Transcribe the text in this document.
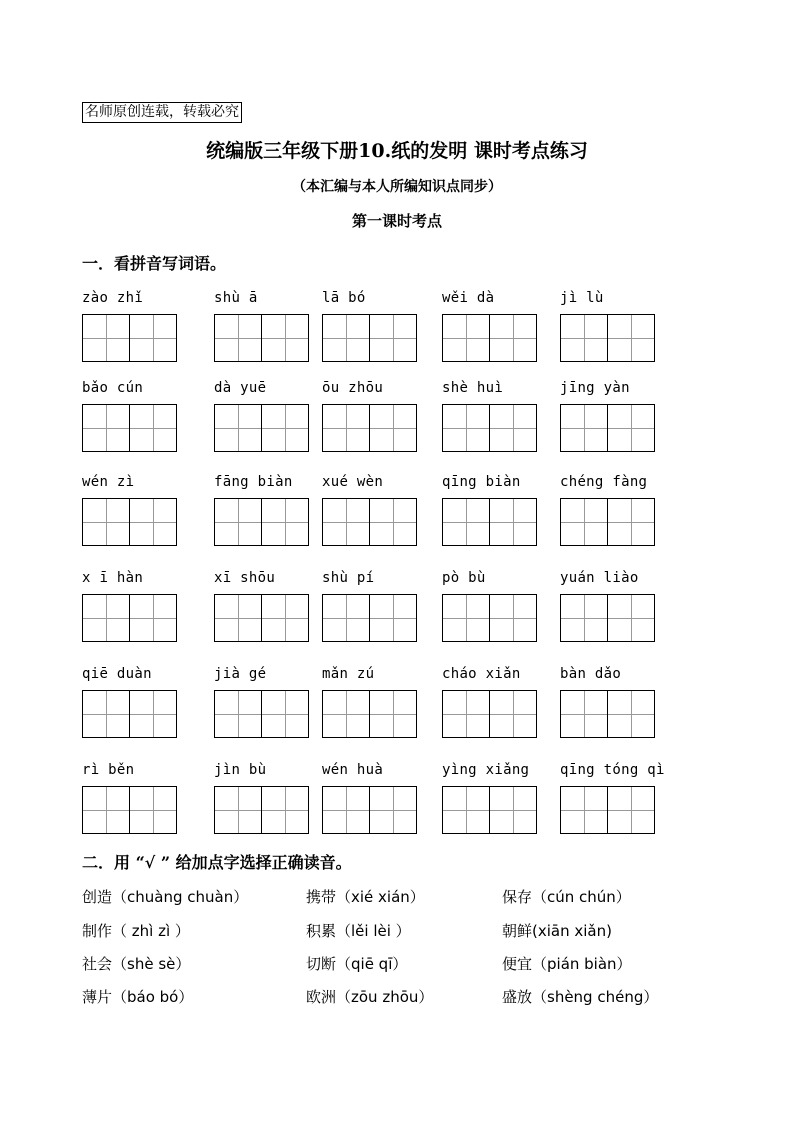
名师原创连载，转载必究
统编版三年级下册10.纸的发明 课时考点练习
（本汇编与本人所编知识点同步）
第一课时考点
一．看拼音写词语。
zào zhǐ	shù ā	lā bó	wěi dà	jì lù
bǎo cún	dà yuē	ōu zhōu	shè huì	jīng yàn
wén zì	fāng biàn	xué wèn	qīng biàn	chéng fàng
x ī hàn	xī shōu	shù pí	pò bù	yuán liào
qiē duàn	jià gé	mǎn zú	cháo xiǎn	bàn dǎo
rì běn	jìn bù	wén huà	yìng xiǎng	qīng tóng qì
二．用 “√ ” 给加点字选择正确读音。
创造（chuàng chuàn）	携带（xié xián）	保存（cún chún）
制作（ zhì zì ）	积累（lěi lèi ）	朝鲜(xiān xiǎn)
社会（shè sè）	切断（qiē qī）	便宜（pián biàn）
薄片（báo bó）	欧洲（zōu zhōu）	盛放（shèng chéng）
